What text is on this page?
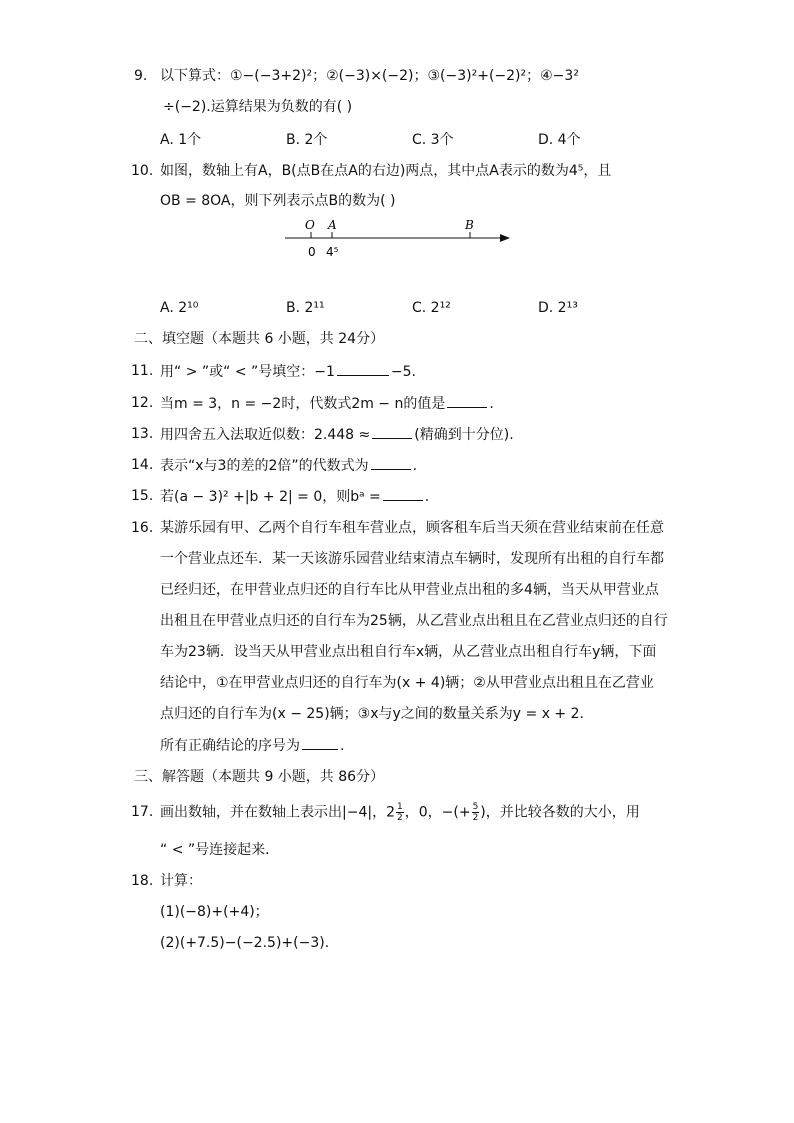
9. 以下算式：①−(−3+2)²；②(−3)×(−2)；③(−3)²+(−2)²；④−3²
÷(−2).运算结果为负数的有( )
A. 1个	B. 2个	C. 3个	D. 4个
10. 如图，数轴上有A，B(点B在点A的右边)两点，其中点A表示的数为4⁵，且
OB = 8OA，则下列表示点B的数为( )
O A	B
0 4⁵
A. 2¹⁰	B. 2¹¹	C. 2¹²	D. 2¹³
二、填空题（本题共 6 小题，共 24分）
11. 用“ > ”或“ < ”号填空：−1	−5.
12. 当m = 3，n = −2时，代数式2m − n的值是	.
13. 用四舍五入法取近似数：2.448 ≈	(精确到十分位).
14. 表示“x与3的差的2倍”的代数式为	.
15. 若(a − 3)² +|b + 2| = 0，则bᵃ =	.
16. 某游乐园有甲、乙两个自行车租车营业点，顾客租车后当天须在营业结束前在任意
一个营业点还车．某一天该游乐园营业结束清点车辆时，发现所有出租的自行车都
已经归还，在甲营业点归还的自行车比从甲营业点出租的多4辆，当天从甲营业点
出租且在甲营业点归还的自行车为25辆，从乙营业点出租且在乙营业点归还的自行
车为23辆．设当天从甲营业点出租自行车x辆，从乙营业点出租自行车y辆，下面
结论中，①在甲营业点归还的自行车为(x + 4)辆；②从甲营业点出租且在乙营业
点归还的自行车为(x − 25)辆；③x与y之间的数量关系为y = x + 2．
所有正确结论的序号为	.
三、解答题（本题共 9 小题，共 86分）
17. 画出数轴，并在数轴上表示出|−4|，$2 \frac{1}{2}$ ，0，−(+ $\frac{5}{2}$ )，并比较各数的大小，用
“ < ”号连接起来．
18. 计算：
(1)(−8)+(+4)；
(2)(+7.5)−(−2.5)+(−3).
